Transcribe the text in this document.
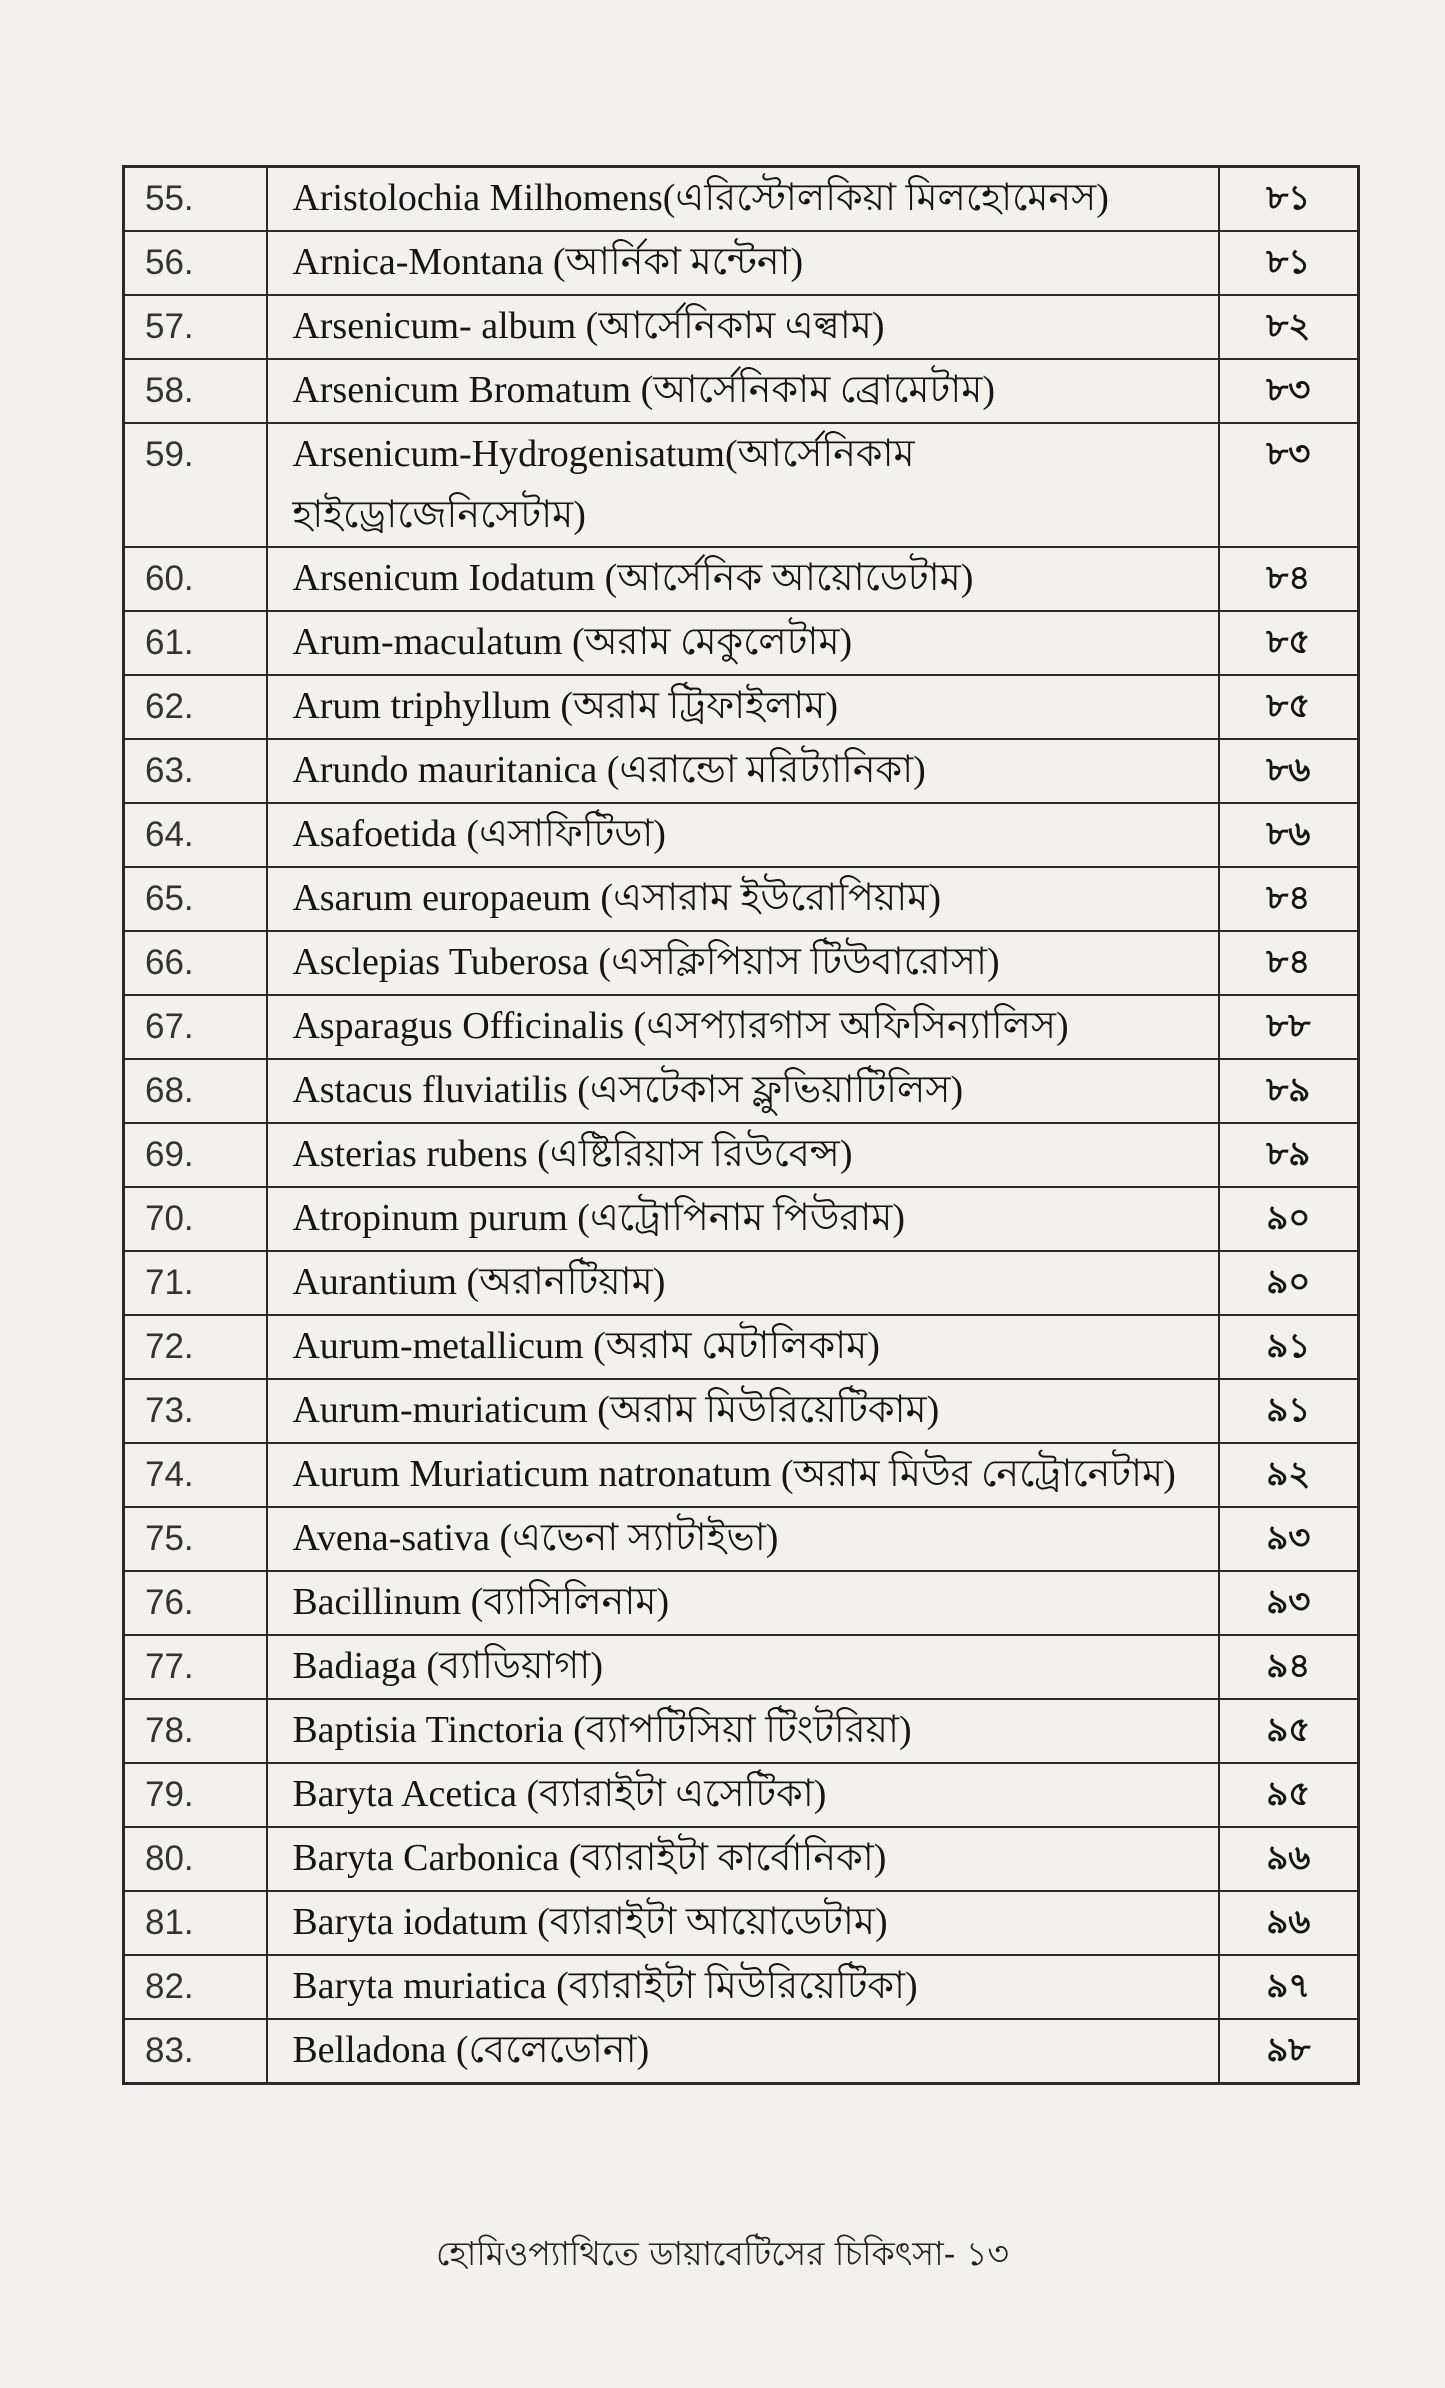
55.	Aristolochia Milhomens(এরিস্টোলকিয়া মিলহোমেনস)	৮১
56.	Arnica-Montana (আর্নিকা মন্টেনা)	৮১
57.	Arsenicum- album (আর্সেনিকাম এল্বাম)	৮২
58.	Arsenicum Bromatum (আর্সেনিকাম ব্রোমেটাম)	৮৩
59.	Arsenicum-Hydrogenisatum(আর্সেনিকাম হাইড্রোজেনিসেটাম)	৮৩
60.	Arsenicum Iodatum (আর্সেনিক আয়োডেটাম)	৮৪
61.	Arum-maculatum (অরাম মেকুলেটাম)	৮৫
62.	Arum triphyllum (অরাম ট্রিফাইলাম)	৮৫
63.	Arundo mauritanica (এরান্ডো মরিট্যানিকা)	৮৬
64.	Asafoetida (এসাফিটিডা)	৮৬
65.	Asarum europaeum (এসারাম ইউরোপিয়াম)	৮৪
66.	Asclepias Tuberosa (এসক্লিপিয়াস টিউবারোসা)	৮৪
67.	Asparagus Officinalis (এসপ্যারগাস অফিসিন্যালিস)	৮৮
68.	Astacus fluviatilis (এসটেকাস ফ্লুভিয়াটিলিস)	৮৯
69.	Asterias rubens (এষ্টিরিয়াস রিউবেন্স)	৮৯
70.	Atropinum purum (এট্রোপিনাম পিউরাম)	৯০
71.	Aurantium (অরানটিয়াম)	৯০
72.	Aurum-metallicum (অরাম মেটালিকাম)	৯১
73.	Aurum-muriaticum (অরাম মিউরিয়েটিকাম)	৯১
74.	Aurum Muriaticum natronatum (অরাম মিউর নেট্রোনেটাম)	৯২
75.	Avena-sativa (এভেনা স্যাটাইভা)	৯৩
76.	Bacillinum (ব্যাসিলিনাম)	৯৩
77.	Badiaga (ব্যাডিয়াগা)	৯৪
78.	Baptisia Tinctoria (ব্যাপটিসিয়া টিংটরিয়া)	৯৫
79.	Baryta Acetica (ব্যারাইটা এসেটিকা)	৯৫
80.	Baryta Carbonica (ব্যারাইটা কার্বোনিকা)	৯৬
81.	Baryta iodatum (ব্যারাইটা আয়োডেটাম)	৯৬
82.	Baryta muriatica (ব্যারাইটা মিউরিয়েটিকা)	৯৭
83.	Belladona (বেলেডোনা)	৯৮
হোমিওপ্যাথিতে ডায়াবেটিসের চিকিৎসা- ১৩
